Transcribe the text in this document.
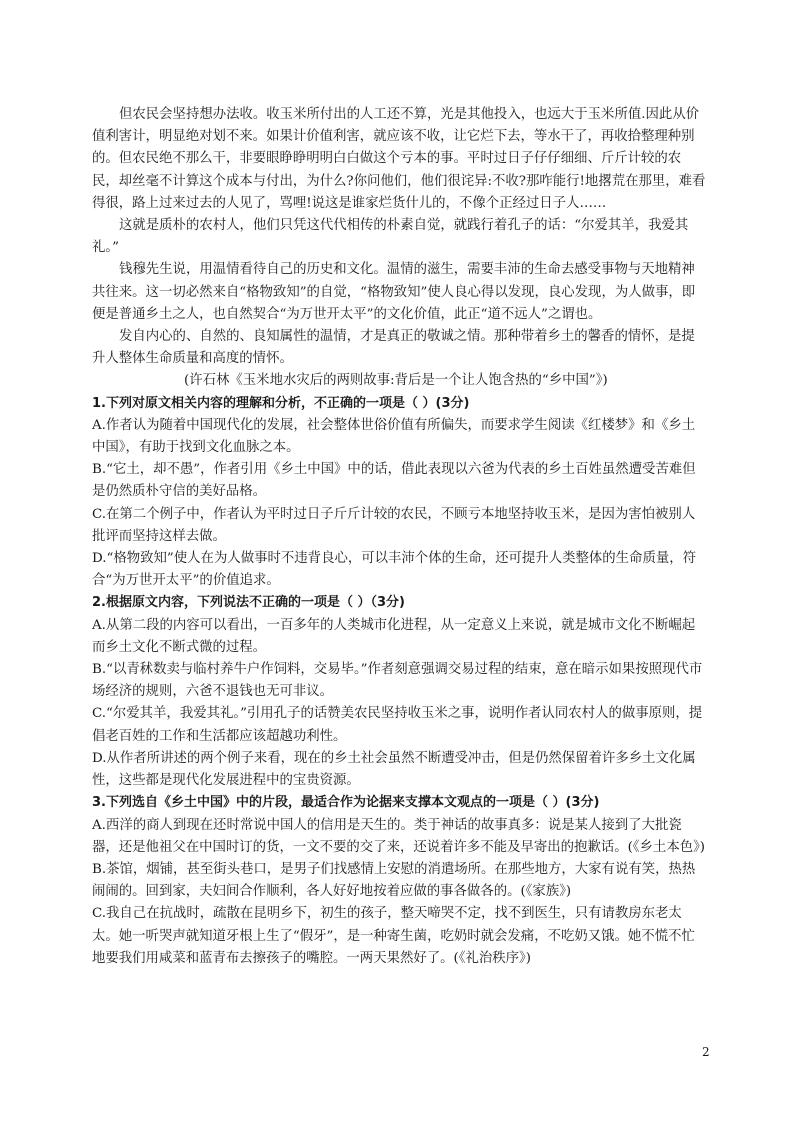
但农民会坚持想办法收。收玉米所付出的人工还不算，光是其他投入，也远大于玉米所值.因此从价值利害计，明显绝对划不来。如果计价值利害，就应该不收，让它烂下去，等水干了，再收拾整理种别的。但农民绝不那么干，非要眼睁睁明明白白做这个亏本的事。平时过日子仔仔细细、斤斤计较的农民，却丝毫不计算这个成本与付出，为什么?你问他们，他们很诧异:不收?那咋能行!地撂荒在那里，难看得很，路上过来过去的人见了，骂哩!说这是谁家烂货什儿的，不像个正经过日子人……

这就是质朴的农村人，他们只凭这代代相传的朴素自觉，就践行着孔子的话：“尔爱其羊，我爱其礼。”

钱穆先生说，用温情看待自己的历史和文化。温情的滋生，需要丰沛的生命去感受事物与天地精神共往来。这一切必然来自“格物致知”的自觉，“格物致知”使人良心得以发现，良心发现，为人做事，即便是普通乡土之人，也自然契合“为万世开太平”的文化价值，此正“道不远人”之谓也。

发自内心的、自然的、良知属性的温情，才是真正的敬诚之情。那种带着乡土的馨香的情怀，是提升人整体生命质量和高度的情怀。

(许石林《玉米地水灾后的两则故事:背后是一个让人饱含热的“乡中国”》)

1.下列对原文相关内容的理解和分析，不正确的一项是（ ）(3分)

A.作者认为随着中国现代化的发展，社会整体世俗价值有所偏失，而要求学生阅读《红楼梦》和《乡土中国》，有助于找到文化血脉之本。

B.“它土，却不愚”，作者引用《乡土中国》中的话，借此表现以六爸为代表的乡土百姓虽然遭受苦难但是仍然质朴守信的美好品格。

C.在第二个例子中，作者认为平时过日子斤斤计较的农民，不顾亏本地坚持收玉米，是因为害怕被别人批评而坚持这样去做。

D.“格物致知”使人在为人做事时不违背良心，可以丰沛个体的生命，还可提升人类整体的生命质量，符合“为万世开太平”的价值追求。

2.根据原文内容，下列说法不正确的一项是（ ）（3分)

A.从第二段的内容可以看出，一百多年的人类城市化进程，从一定意义上来说，就是城市文化不断崛起而乡土文化不断式微的过程。

B.“以青秫数卖与临村养牛户作饲料，交易毕。”作者刻意强调交易过程的结束，意在暗示如果按照现代市场经济的规则，六爸不退钱也无可非议。

C.“尔爱其羊，我爱其礼。”引用孔子的话赞美农民坚持收玉米之事，说明作者认同农村人的做事原则，提倡老百姓的工作和生活都应该超越功利性。

D.从作者所讲述的两个例子来看，现在的乡土社会虽然不断遭受冲击，但是仍然保留着许多乡土文化属性，这些都是现代化发展进程中的宝贵资源。

3.下列选自《乡土中国》中的片段，最适合作为论据来支撑本文观点的一项是（ ）(3分)

A.西洋的商人到现在还时常说中国人的信用是天生的。类于神话的故事真多：说是某人接到了大批瓷器，还是他祖父在中国时订的货，一文不要的交了来，还说着许多不能及早寄出的抱歉话。(《乡土本色》)

B.茶馆，烟铺，甚至街头巷口，是男子们找感情上安慰的消遣场所。在那些地方，大家有说有笑，热热闹闹的。回到家，夫妇间合作顺利，各人好好地按着应做的事各做各的。(《家族》)

C.我自己在抗战时，疏散在昆明乡下，初生的孩子，整天啼哭不定，找不到医生，只有请教房东老太太。她一听哭声就知道牙根上生了“假牙”，是一种寄生菌，吃奶时就会发痛，不吃奶又饿。她不慌不忙地要我们用咸菜和蓝青布去擦孩子的嘴腔。一两天果然好了。(《礼治秩序》)

2
